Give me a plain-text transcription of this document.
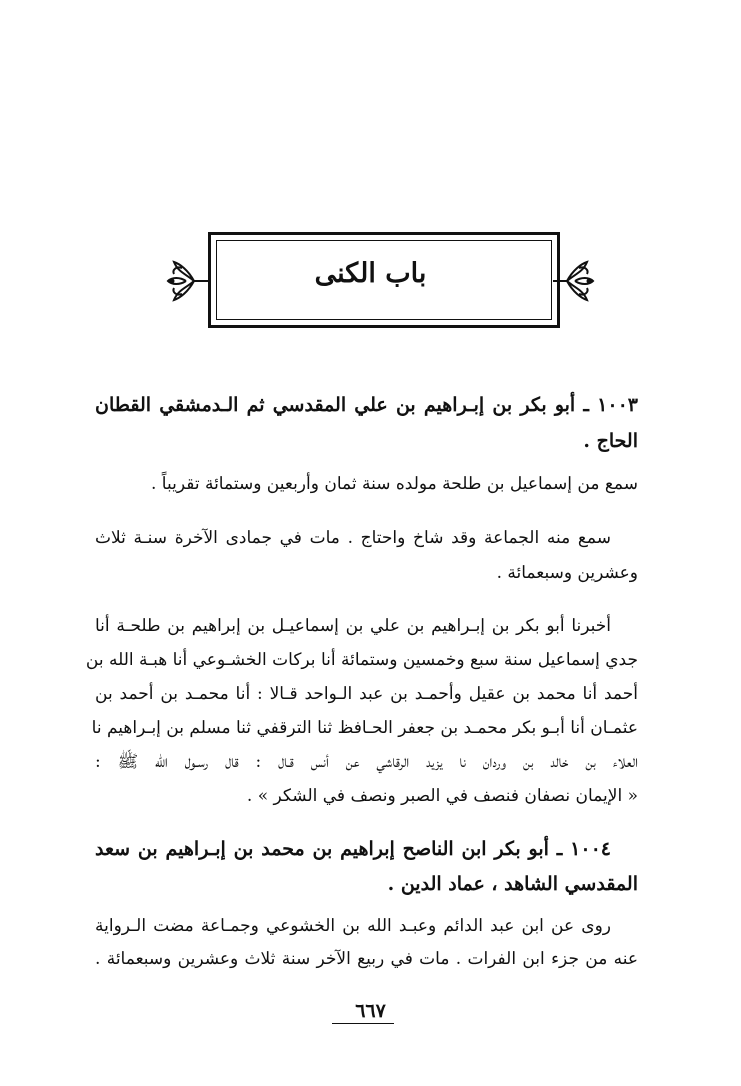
باب الكنى
١٠٠٣ ـ أبو بكر بن إبـراهيم بن علي المقدسي ثم الـدمشقي القطان
الحاج .
سمع من إسماعيل بن طلحة مولده سنة ثمان وأربعين وستمائة تقريباً .
سمع منه الجماعة وقد شاخ واحتاج . مات في جمادى الآخرة سنـة ثلاث
وعشرين وسبعمائة .
أخبرنا أبو بكر بن إبـراهيم بن علي بن إسماعيـل بن إبراهيم بن طلحـة أنا
جدي إسماعيل سنة سبع وخمسين وستمائة أنا بركات الخشـوعي أنا هبـة الله بن
أحمد أنا محمد بن عقيل وأحمـد بن عبد الـواحد قـالا : أنا محمـد بن أحمد بن
عثمـان أنا أبـو بكر محمـد بن جعفر الحـافظ ثنا الترقفي ثنا مسلم بن إبـراهيم نا
العلاء بن خالد بن وردان نا يزيد الرقاشي عن أنس قـال : قال رسـول الله ﷺ :
« الإيمان نصفان فنصف في الصبر ونصف في الشكر » .
١٠٠٤ ـ أبو بكر ابن الناصح إبراهيم بن محمد بن إبـراهيم بن سعد
المقدسي الشاهد ، عماد الدين .
روى عن ابن عبد الدائم وعبـد الله بن الخشوعي وجمـاعة مضت الـرواية
عنه من جزء ابن الفرات . مات في ربيع الآخر سنة ثلاث وعشرين وسبعمائة .
٦٦٧
